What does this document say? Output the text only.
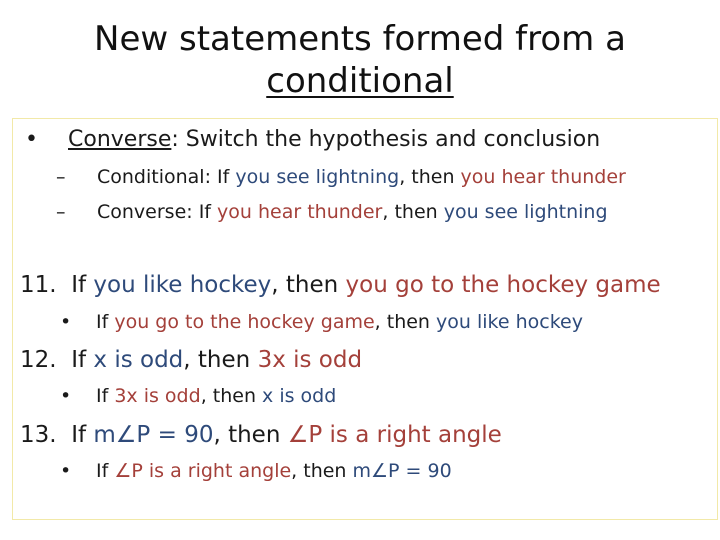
New statements formed from a
conditional
• Converse: Switch the hypothesis and conclusion
– Conditional: If you see lightning, then you hear thunder
– Converse: If you hear thunder, then you see lightning
11. If you like hockey, then you go to the hockey game
• If you go to the hockey game, then you like hockey
12. If x is odd, then 3x is odd
• If 3x is odd, then x is odd
13. If m∠P = 90, then ∠P is a right angle
• If ∠P is a right angle, then m∠P = 90
